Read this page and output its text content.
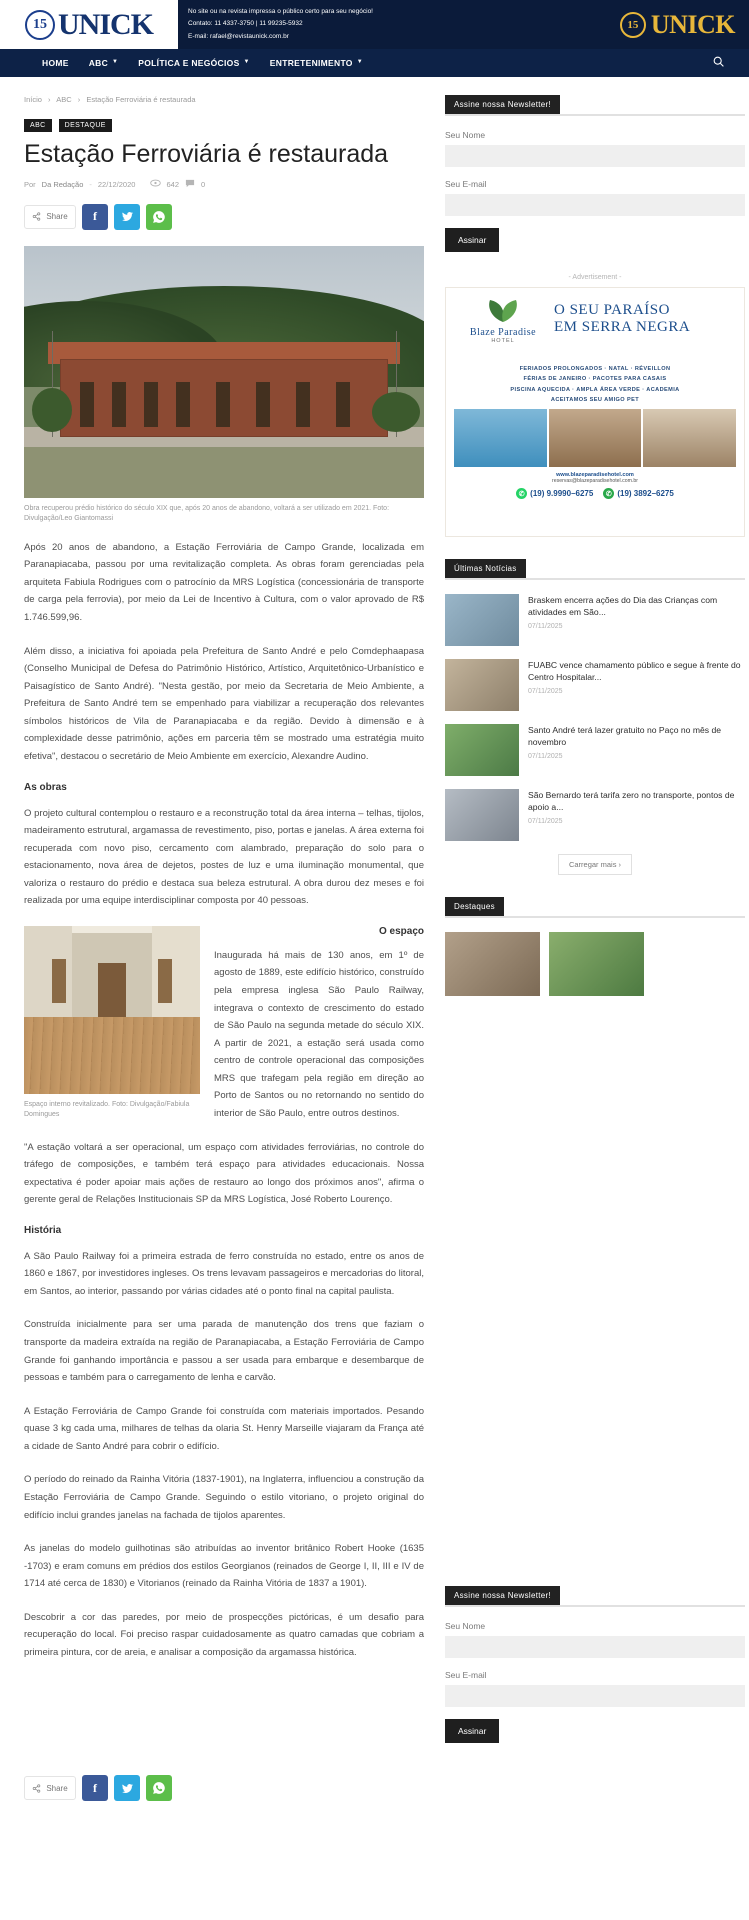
15 UNICK	No site ou na revista impressa o público certo para seu negócio!
Contato: 11 4337-3750 | 11 99235-5932
E-mail: rafael@revistaunick.com.br
15 UNICK
HOME ABC ▼ POLÍTICA E NEGÓCIOS ▼ ENTRETENIMENTO ▼
Início › ABC › Estação Ferroviária é restaurada
ABC	DESTAQUE
Estação Ferroviária é restaurada
Por Da Redação - 22/12/2020
	642	0
Share	f
Obra recuperou prédio histórico do século XIX que, após 20 anos de abandono, voltará a ser utilizado em 2021. Foto: Divulgação/Leo Giantomassi

Após 20 anos de abandono, a Estação Ferroviária de Campo Grande, localizada em Paranapiacaba, passou por uma revitalização completa. As obras foram gerenciadas pela arquiteta Fabiula Rodrigues com o patrocínio da MRS Logística (concessionária de transporte de carga pela ferrovia), por meio da Lei de Incentivo à Cultura, com o valor aprovado de R$ 1.746.599,96.

Além disso, a iniciativa foi apoiada pela Prefeitura de Santo André e pelo Comdephaapasa (Conselho Municipal de Defesa do Patrimônio Histórico, Artístico, Arquitetônico-Urbanístico e Paisagístico de Santo André). "Nesta gestão, por meio da Secretaria de Meio Ambiente, a Prefeitura de Santo André tem se empenhado para viabilizar a recuperação dos relevantes símbolos históricos de Vila de Paranapiacaba e da região. Devido à dimensão e à complexidade desse patrimônio, ações em parceria têm se mostrado uma estratégia muito efetiva", destacou o secretário de Meio Ambiente em exercício, Alexandre Audino.

As obras

O projeto cultural contemplou o restauro e a reconstrução total da área interna – telhas, tijolos, madeiramento estrutural, argamassa de revestimento, piso, portas e janelas. A área externa foi recuperada com novo piso, cercamento com alambrado, preparação do solo para o estacionamento, nova área de dejetos, postes de luz e uma iluminação monumental, que valoriza o restauro do prédio e destaca sua beleza estrutural. A obra durou dez meses e foi realizada por uma equipe interdisciplinar composta por 40 pessoas.

Espaço interno revitalizado. Foto: Divulgação/Fabiula Domingues
O espaço

Inaugurada há mais de 130 anos, em 1º de agosto de 1889, este edifício histórico, construído pela empresa inglesa São Paulo Railway, integrava o contexto de crescimento do estado de São Paulo na segunda metade do século XIX. A partir de 2021, a estação será usada como centro de controle operacional das composições MRS que trafegam pela região em direção ao Porto de Santos ou no retornando no sentido do interior de São Paulo, entre outros destinos.

"A estação voltará a ser operacional, um espaço com atividades ferroviárias, no controle do tráfego de composições, e também terá espaço para atividades educacionais. Nossa expectativa é poder apoiar mais ações de restauro ao longo dos próximos anos", afirma o gerente geral de Relações Institucionais SP da MRS Logística, José Roberto Lourenço.

História

A São Paulo Railway foi a primeira estrada de ferro construída no estado, entre os anos de 1860 e 1867, por investidores ingleses. Os trens levavam passageiros e mercadorias do litoral, em Santos, ao interior, passando por várias cidades até o ponto final na capital paulista.

Construída inicialmente para ser uma parada de manutenção dos trens que faziam o transporte da madeira extraída na região de Paranapiacaba, a Estação Ferroviária de Campo Grande foi ganhando importância e passou a ser usada para embarque e desembarque de pessoas e também para o carregamento de lenha e carvão.

A Estação Ferroviária de Campo Grande foi construída com materiais importados. Pesando quase 3 kg cada uma, milhares de telhas da olaria St. Henry Marseille viajaram da França até a cidade de Santo André para cobrir o edifício.

O período do reinado da Rainha Vitória (1837-1901), na Inglaterra, influenciou a construção da Estação Ferroviária de Campo Grande. Seguindo o estilo vitoriano, o projeto original do edifício inclui grandes janelas na fachada de tijolos aparentes.

As janelas do modelo guilhotinas são atribuídas ao inventor britânico Robert Hooke (1635 -1703) e eram comuns em prédios dos estilos Georgianos (reinados de George I, II, III e IV de 1714 até cerca de 1830) e Vitorianos (reinado da Rainha Vitória de 1837 a 1901).

Descobrir a cor das paredes, por meio de prospecções pictóricas, é um desafio para recuperação do local. Foi preciso raspar cuidadosamente as quatro camadas que cobriam a primeira pintura, cor de areia, e analisar a composição da argamassa histórica.

Assine nossa Newsletter!
Seu Nome
Seu E-mail
Assinar
- Advertisement -
Blaze Paradise
HOTEL
O SEU PARAÍSO
EM SERRA NEGRA
FERIADOS PROLONGADOS · NATAL · RÉVEILLON
FÉRIAS DE JANEIRO · PACOTES PARA CASAIS
PISCINA AQUECIDA · AMPLA ÁREA VERDE · ACADEMIA
ACEITAMOS SEU AMIGO PET
www.blazeparadisehotel.com
reservas@blazeparadisehotel.com.br
✆ (19) 9.9990–6275	✆ (19) 3892–6275
Últimas Notícias
Braskem encerra ações do Dia das Crianças com atividades em São...
07/11/2025
FUABC vence chamamento público e segue à frente do Centro Hospitalar...
07/11/2025
Santo André terá lazer gratuito no Paço no mês de novembro
07/11/2025
São Bernardo terá tarifa zero no transporte, pontos de apoio a...
07/11/2025
Carregar mais ›
Destaques
Assine nossa Newsletter!
Seu Nome
Seu E-mail
Assinar
Share	f
